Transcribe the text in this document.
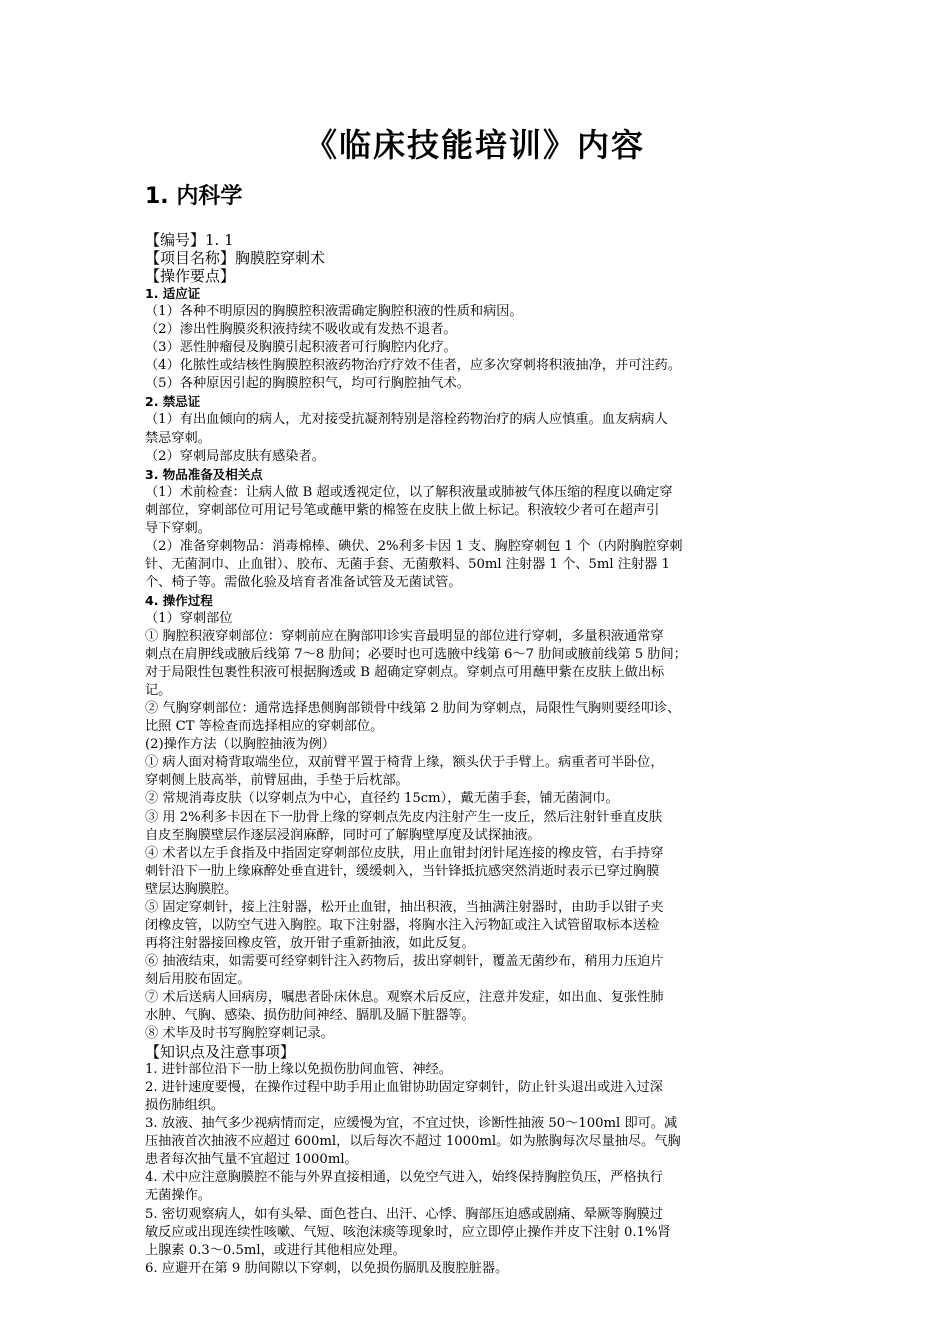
《临床技能培训》内容
1. 内科学

【编号】1. 1

【项目名称】胸膜腔穿刺术

【操作要点】

1. 适应证

（1）各种不明原因的胸膜腔积液需确定胸腔积液的性质和病因。

（2）渗出性胸膜炎积液持续不吸收或有发热不退者。

（3）恶性肿瘤侵及胸膜引起积液者可行胸腔内化疗。

（4）化脓性或结核性胸膜腔积液药物治疗疗效不佳者，应多次穿刺将积液抽净，并可注药。

（5）各种原因引起的胸膜腔积气，均可行胸腔抽气术。

2. 禁忌证

（1）有出血倾向的病人，尤对接受抗凝剂特别是溶栓药物治疗的病人应慎重。血友病病人

禁忌穿刺。

（2）穿刺局部皮肤有感染者。

3. 物品准备及相关点

（1）术前检查：让病人做 B 超或透视定位，以了解积液量或肺被气体压缩的程度以确定穿

刺部位，穿刺部位可用记号笔或蘸甲紫的棉签在皮肤上做上标记。积液较少者可在超声引

导下穿刺。

（2）准备穿刺物品：消毒棉棒、碘伏、2%利多卡因 1 支、胸腔穿刺包 1 个（内附胸腔穿刺

针、无菌洞巾、止血钳）、胶布、无菌手套、无菌敷料、50ml 注射器 1 个、5ml 注射器 1

个、椅子等。需做化验及培育者准备试管及无菌试管。

4. 操作过程

（1）穿刺部位

① 胸腔积液穿刺部位：穿刺前应在胸部叩诊实音最明显的部位进行穿刺，多量积液通常穿

刺点在肩胛线或腋后线第 7～8 肋间；必要时也可选腋中线第 6～7 肋间或腋前线第 5 肋间；

对于局限性包裹性积液可根据胸透或 B 超确定穿刺点。穿刺点可用蘸甲紫在皮肤上做出标

记。

② 气胸穿刺部位：通常选择患侧胸部锁骨中线第 2 肋间为穿刺点，局限性气胸则要经叩诊、

比照 CT 等检查而选择相应的穿刺部位。

(2)操作方法（以胸腔抽液为例）

① 病人面对椅背取端坐位，双前臂平置于椅背上缘，额头伏于手臂上。病重者可半卧位，

穿刺侧上肢高举，前臂屈曲，手垫于后枕部。

② 常规消毒皮肤（以穿刺点为中心，直径约 15cm），戴无菌手套，铺无菌洞巾。

③ 用 2%利多卡因在下一肋骨上缘的穿刺点先皮内注射产生一皮丘，然后注射针垂直皮肤

自皮至胸膜壁层作逐层浸润麻醉，同时可了解胸壁厚度及试探抽液。

④ 术者以左手食指及中指固定穿刺部位皮肤，用止血钳封闭针尾连接的橡皮管，右手持穿

刺针沿下一肋上缘麻醉处垂直进针，缓缓刺入，当针锋抵抗感突然消逝时表示已穿过胸膜

壁层达胸膜腔。

⑤ 固定穿刺针，接上注射器，松开止血钳，抽出积液，当抽满注射器时，由助手以钳子夹

闭橡皮管，以防空气进入胸腔。取下注射器，将胸水注入污物缸或注入试管留取标本送检

再将注射器接回橡皮管，放开钳子重新抽液，如此反复。

⑥ 抽液结束，如需要可经穿刺针注入药物后，拔出穿刺针，覆盖无菌纱布，稍用力压迫片

刻后用胶布固定。

⑦ 术后送病人回病房，嘱患者卧床休息。观察术后反应，注意并发症，如出血、复张性肺

水肿、气胸、感染、损伤肋间神经、膈肌及膈下脏器等。

⑧ 术毕及时书写胸腔穿刺记录。

【知识点及注意事项】

1. 进针部位沿下一肋上缘以免损伤肋间血管、神经。

2. 进针速度要慢，在操作过程中助手用止血钳协助固定穿刺针，防止针头退出或进入过深

损伤肺组织。

3. 放液、抽气多少视病情而定，应缓慢为宜，不宜过快，诊断性抽液 50～100ml 即可。减

压抽液首次抽液不应超过 600ml，以后每次不超过 1000ml。如为脓胸每次尽量抽尽。气胸

患者每次抽气量不宜超过 1000ml。

4. 术中应注意胸膜腔不能与外界直接相通，以免空气进入，始终保持胸腔负压，严格执行

无菌操作。

5. 密切观察病人，如有头晕、面色苍白、出汗、心悸、胸部压迫感或剧痛、晕厥等胸膜过

敏反应或出现连续性咳嗽、气短、咳泡沫痰等现象时，应立即停止操作并皮下注射 0.1%肾

上腺素 0.3～0.5ml，或进行其他相应处理。

6. 应避开在第 9 肋间隙以下穿刺，以免损伤膈肌及腹腔脏器。
